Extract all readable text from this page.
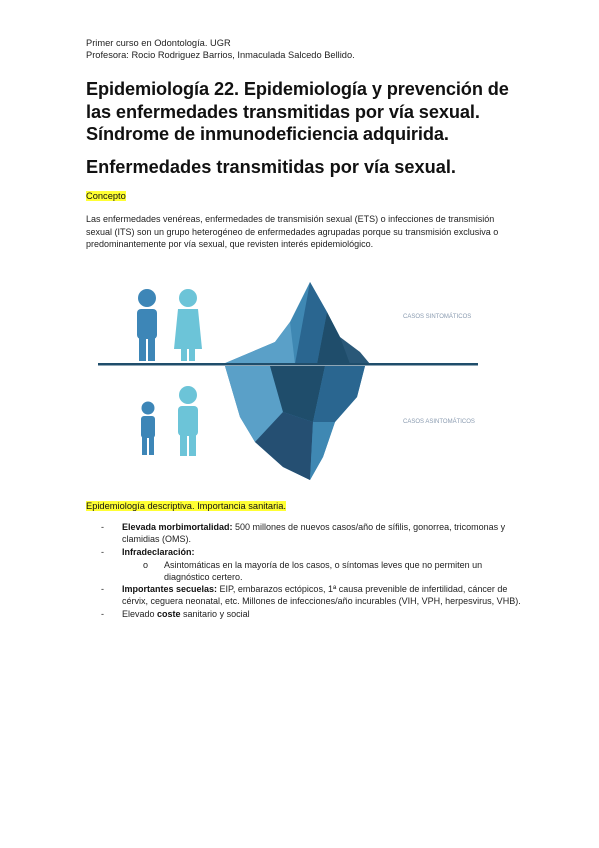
Primer curso en Odontología. UGR
Profesora: Rocio Rodriguez Barrios, Inmaculada Salcedo Bellido.
Epidemiología 22. Epidemiología y prevención de las enfermedades transmitidas por vía sexual. Síndrome de inmunodeficiencia adquirida.
Enfermedades transmitidas por vía sexual.
Concepto
Las enfermedades venéreas, enfermedades de transmisión sexual (ETS) o infecciones de transmisión sexual (ITS) son un grupo heterogéneo de enfermedades agrupadas porque su transmisión exclusiva o predominantemente por vía sexual, que revisten interés epidemiológico.
CASOS SINTOMÁTICOS
CASOS ASINTOMÁTICOS
Epidemiología descriptiva. Importancia sanitaria.
- Elevada morbimortalidad: 500 millones de nuevos casos/año de sífilis, gonorrea, tricomonas y clamidias (OMS).
- Infradeclaración:
o Asintomáticas en la mayoría de los casos, o síntomas leves que no permiten un diagnóstico certero.
- Importantes secuelas: EIP, embarazos ectópicos, 1ª causa prevenible de infertilidad, cáncer de cérvix, ceguera neonatal, etc. Millones de infecciones/año incurables (VIH, VPH, herpesvirus, VHB).
- Elevado coste sanitario y social
